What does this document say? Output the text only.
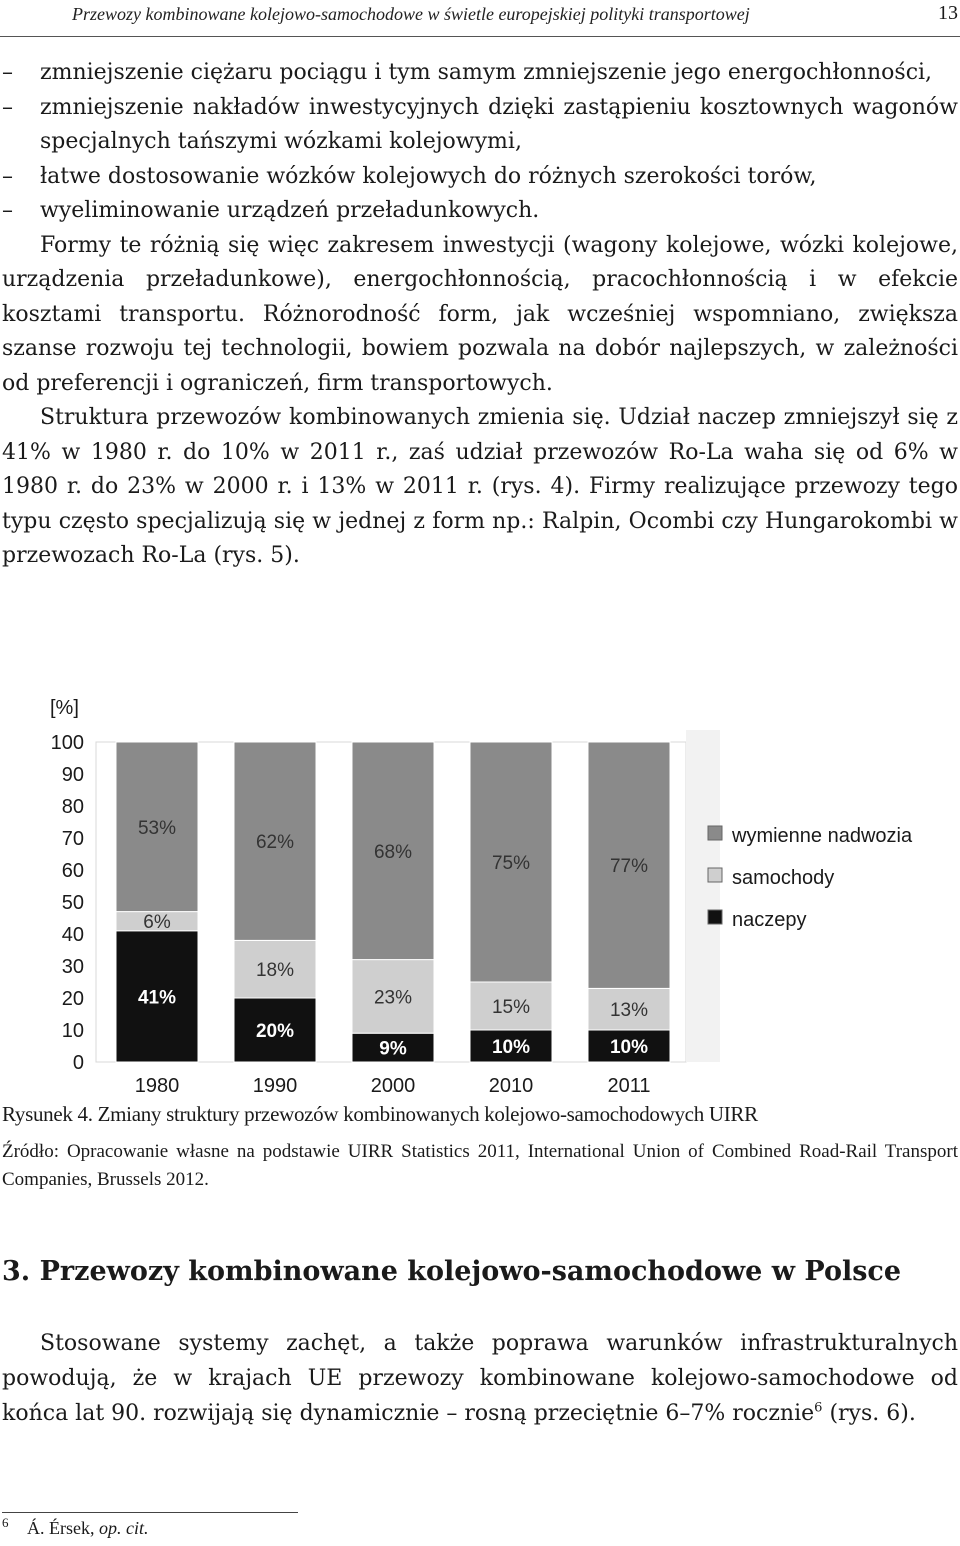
Przewozy kombinowane kolejowo-samochodowe w świetle europejskiej polityki transportowej	13
– zmniejszenie ciężaru pociągu i tym samym zmniejszenie jego energochłonności,
– zmniejszenie nakładów inwestycyjnych dzięki zastąpieniu kosztownych wagonów specjalnych tańszymi wózkami kolejowymi,
– łatwe dostosowanie wózków kolejowych do różnych szerokości torów,
– wyeliminowanie urządzeń przeładunkowych.

Formy te różnią się więc zakresem inwestycji (wagony kolejowe, wózki kolejowe, urządzenia przeładunkowe), energochłonnością, pracochłonnością i w efekcie kosztami transportu. Różnorodność form, jak wcześniej wspomniano, zwiększa szanse rozwoju tej technologii, bowiem pozwala na dobór najlepszych, w zależności od preferencji i ograniczeń, firm transportowych.

Struktura przewozów kombinowanych zmienia się. Udział naczep zmniejszył się z 41% w 1980 r. do 10% w 2011 r., zaś udział przewozów Ro-La waha się od 6% w 1980 r. do 23% w 2000 r. i 13% w 2011 r. (rys. 4). Firmy realizujące przewozy tego typu często specjalizują się w jednej z form np.: Ralpin, Ocombi czy Hungarokombi w przewozach Ro-La (rys. 5).

[%]
0
10
20
30
40
50
60
70
80
90
100
41%
6%
53%
1980
20%
18%
62%
1990
9%
23%
68%
2000
10%
15%
75%
2010
10%
13%
77%
2011
wymienne nadwozia
samochody
naczepy
Rysunek 4. Zmiany struktury przewozów kombinowanych kolejowo-samochodowych UIRR
Źródło: Opracowanie własne na podstawie UIRR Statistics 2011, International Union of Combined Road-Rail Transport Companies, Brussels 2012.
3. Przewozy kombinowane kolejowo-samochodowe w Polsce

Stosowane systemy zachęt, a także poprawa warunków infrastrukturalnych powodują, że w krajach UE przewozy kombinowane kolejowo-samochodowe od końca lat 90. rozwijają się dynamicznie – rosną przeciętnie 6–7% rocznie$^6$ (rys. 6).

$^6$ Á. Érsek, op. cit.
